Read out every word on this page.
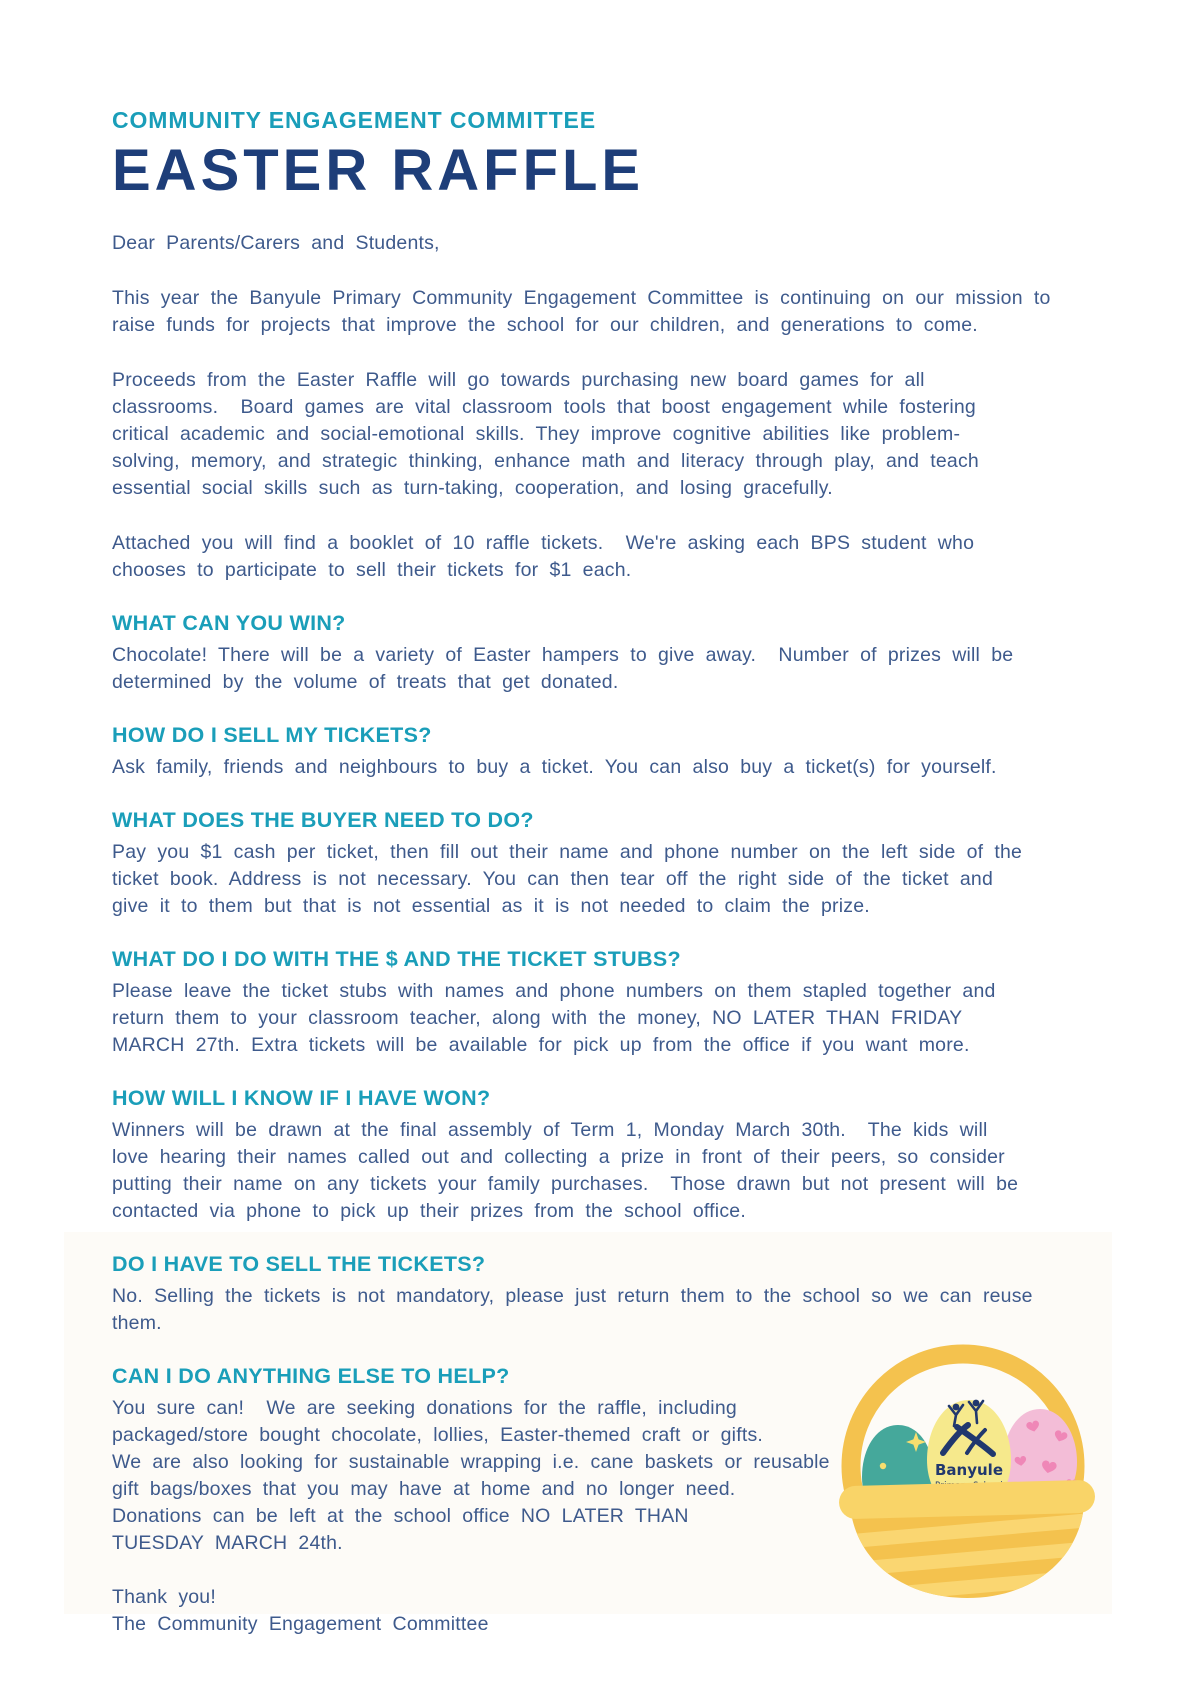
COMMUNITY ENGAGEMENT COMMITTEE
EASTER RAFFLE
Dear Parents/Carers and Students,
This year the Banyule Primary Community Engagement Committee is continuing on our mission to
raise funds for projects that improve the school for our children, and generations to come.
Proceeds from the Easter Raffle will go towards purchasing new board games for all
classrooms.  Board games are vital classroom tools that boost engagement while fostering
critical academic and social-emotional skills. They improve cognitive abilities like problem-
solving, memory, and strategic thinking, enhance math and literacy through play, and teach
essential social skills such as turn-taking, cooperation, and losing gracefully.
Attached you will find a booklet of 10 raffle tickets.  We're asking each BPS student who
chooses to participate to sell their tickets for $1 each.
WHAT CAN YOU WIN?
Chocolate! There will be a variety of Easter hampers to give away.  Number of prizes will be
determined by the volume of treats that get donated.
HOW DO I SELL MY TICKETS?
Ask family, friends and neighbours to buy a ticket. You can also buy a ticket(s) for yourself.
WHAT DOES THE BUYER NEED TO DO?
Pay you $1 cash per ticket, then fill out their name and phone number on the left side of the
ticket book. Address is not necessary. You can then tear off the right side of the ticket and
give it to them but that is not essential as it is not needed to claim the prize.
WHAT DO I DO WITH THE $ AND THE TICKET STUBS?
Please leave the ticket stubs with names and phone numbers on them stapled together and
return them to your classroom teacher, along with the money, NO LATER THAN FRIDAY
MARCH 27th. Extra tickets will be available for pick up from the office if you want more.
HOW WILL I KNOW IF I HAVE WON?
Winners will be drawn at the final assembly of Term 1, Monday March 30th.  The kids will
love hearing their names called out and collecting a prize in front of their peers, so consider
putting their name on any tickets your family purchases.  Those drawn but not present will be
contacted via phone to pick up their prizes from the school office.
DO I HAVE TO SELL THE TICKETS?
No. Selling the tickets is not mandatory, please just return them to the school so we can reuse
them.
CAN I DO ANYTHING ELSE TO HELP?
You sure can!  We are seeking donations for the raffle, including
packaged/store bought chocolate, lollies, Easter-themed craft or gifts.
We are also looking for sustainable wrapping i.e. cane baskets or reusable
gift bags/boxes that you may have at home and no longer need.
Donations can be left at the school office NO LATER THAN
TUESDAY MARCH 24th.
Thank you!
The Community Engagement Committee
Banyule
